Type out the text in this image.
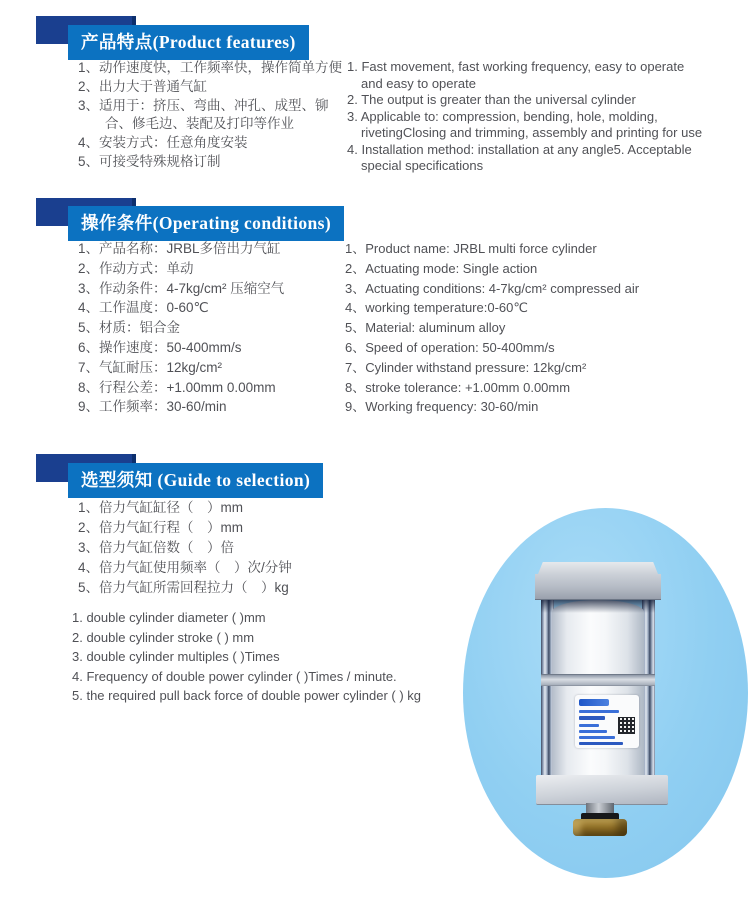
产品特点(Product features)
1、动作速度快，工作频率快，操作简单方便
2、出力大于普通气缸
3、适用于：挤压、弯曲、冲孔、成型、铆合、修毛边、装配及打印等作业
4、安装方式：任意角度安装
5、可接受特殊规格订制
1. Fast movement, fast working frequency, easy to operate and easy to operate
2. The output is greater than the universal cylinder
3. Applicable to: compression, bending, hole, molding, rivetingClosing and trimming, assembly and printing for use
4. Installation method: installation at any angle5. Acceptable special specifications
操作条件(Operating conditions)
1、产品名称：JRBL多倍出力气缸
2、作动方式：单动
3、作动条件：4-7kg/cm² 压缩空气
4、工作温度：0-60℃
5、材质：铝合金
6、操作速度：50-400mm/s
7、气缸耐压：12kg/cm²
8、行程公差：+1.00mm 0.00mm
9、工作频率：30-60/min
1、Product name: JRBL multi force cylinder
2、Actuating mode: Single action
3、Actuating conditions: 4-7kg/cm² compressed air
4、working temperature:0-60℃
5、Material: aluminum alloy
6、Speed of operation: 50-400mm/s
7、Cylinder withstand pressure: 12kg/cm²
8、stroke tolerance: +1.00mm 0.00mm
9、Working frequency: 30-60/min
选型须知 (Guide to selection)
1、倍力气缸缸径（　）mm
2、倍力气缸行程（　）mm
3、倍力气缸倍数（　）倍
4、倍力气缸使用频率（　）次/分钟
5、倍力气缸所需回程拉力（　）kg
1. double cylinder diameter ( )mm
2. double cylinder stroke ( ) mm
3. double cylinder multiples ( )Times
4. Frequency of double power cylinder ( )Times / minute.
5. the required pull back force of double power cylinder ( ) kg
